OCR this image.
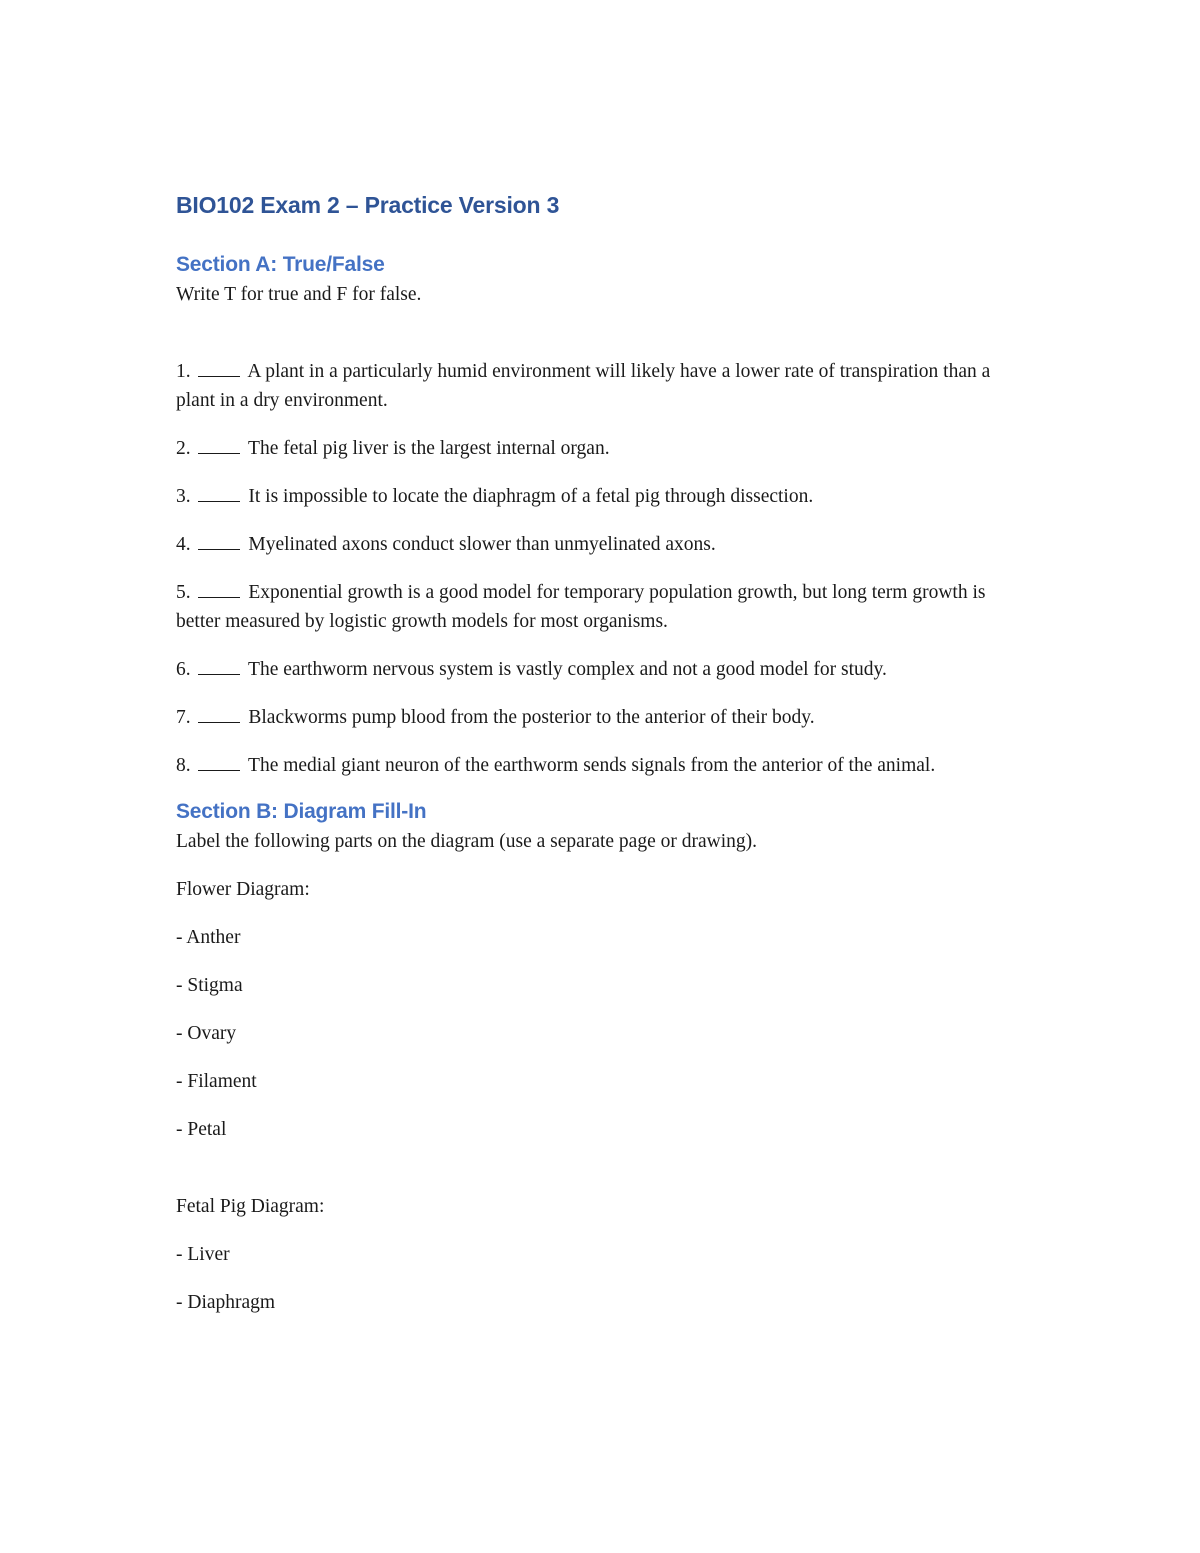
BIO102 Exam 2 – Practice Version 3
Section A: True/False

Write T for true and F for false.

1.	A plant in a particularly humid environment will likely have a lower rate of transpiration than a plant in a dry environment.
2.	The fetal pig liver is the largest internal organ.
3.	It is impossible to locate the diaphragm of a fetal pig through dissection.
4.	Myelinated axons conduct slower than unmyelinated axons.
5.	Exponential growth is a good model for temporary population growth, but long term growth is better measured by logistic growth models for most organisms.
6.	The earthworm nervous system is vastly complex and not a good model for study.
7.	Blackworms pump blood from the posterior to the anterior of their body.
8.	The medial giant neuron of the earthworm sends signals from the anterior of the animal.
Section B: Diagram Fill-In

Label the following parts on the diagram (use a separate page or drawing).

Flower Diagram:

- Anther

- Stigma

- Ovary

- Filament

- Petal

Fetal Pig Diagram:

- Liver

- Diaphragm
